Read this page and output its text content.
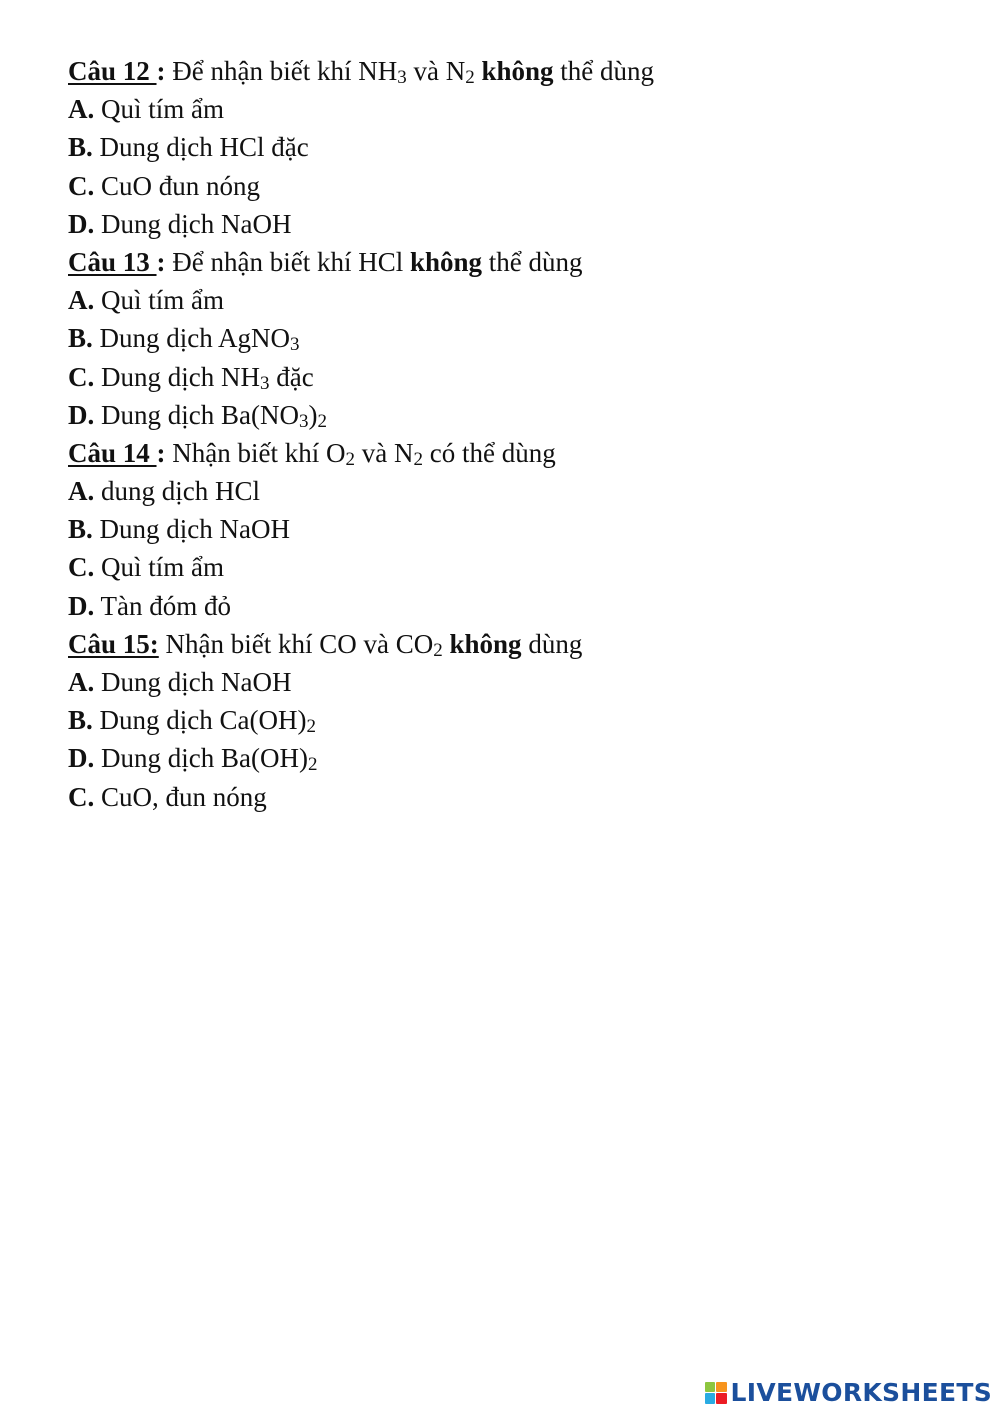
Câu 12 : Để nhận biết khí $NH_3$ và $N_2$ không thể dùng
A. Quì tím ẩm
B. Dung dịch HCl đặc
C. CuO đun nóng
D. Dung dịch NaOH
Câu 13 : Để nhận biết khí HCl không thể dùng
A. Quì tím ẩm
B. Dung dịch AgNO$_3$
C. Dung dịch $NH_3$ đặc
D. Dung dịch $Ba(NO_3)_2$
Câu 14 : Nhận biết khí $O_2$ và $N_2$ có thể dùng
A. dung dịch HCl
B. Dung dịch NaOH
C. Quì tím ẩm
D. Tàn đóm đỏ
Câu 15: Nhận biết khí CO và $CO_2$ không dùng
A. Dung dịch NaOH
B. Dung dịch $Ca(OH)_2$
D. Dung dịch $Ba(OH)_2$
C. CuO, đun nóng
LIVEWORKSHEETS
